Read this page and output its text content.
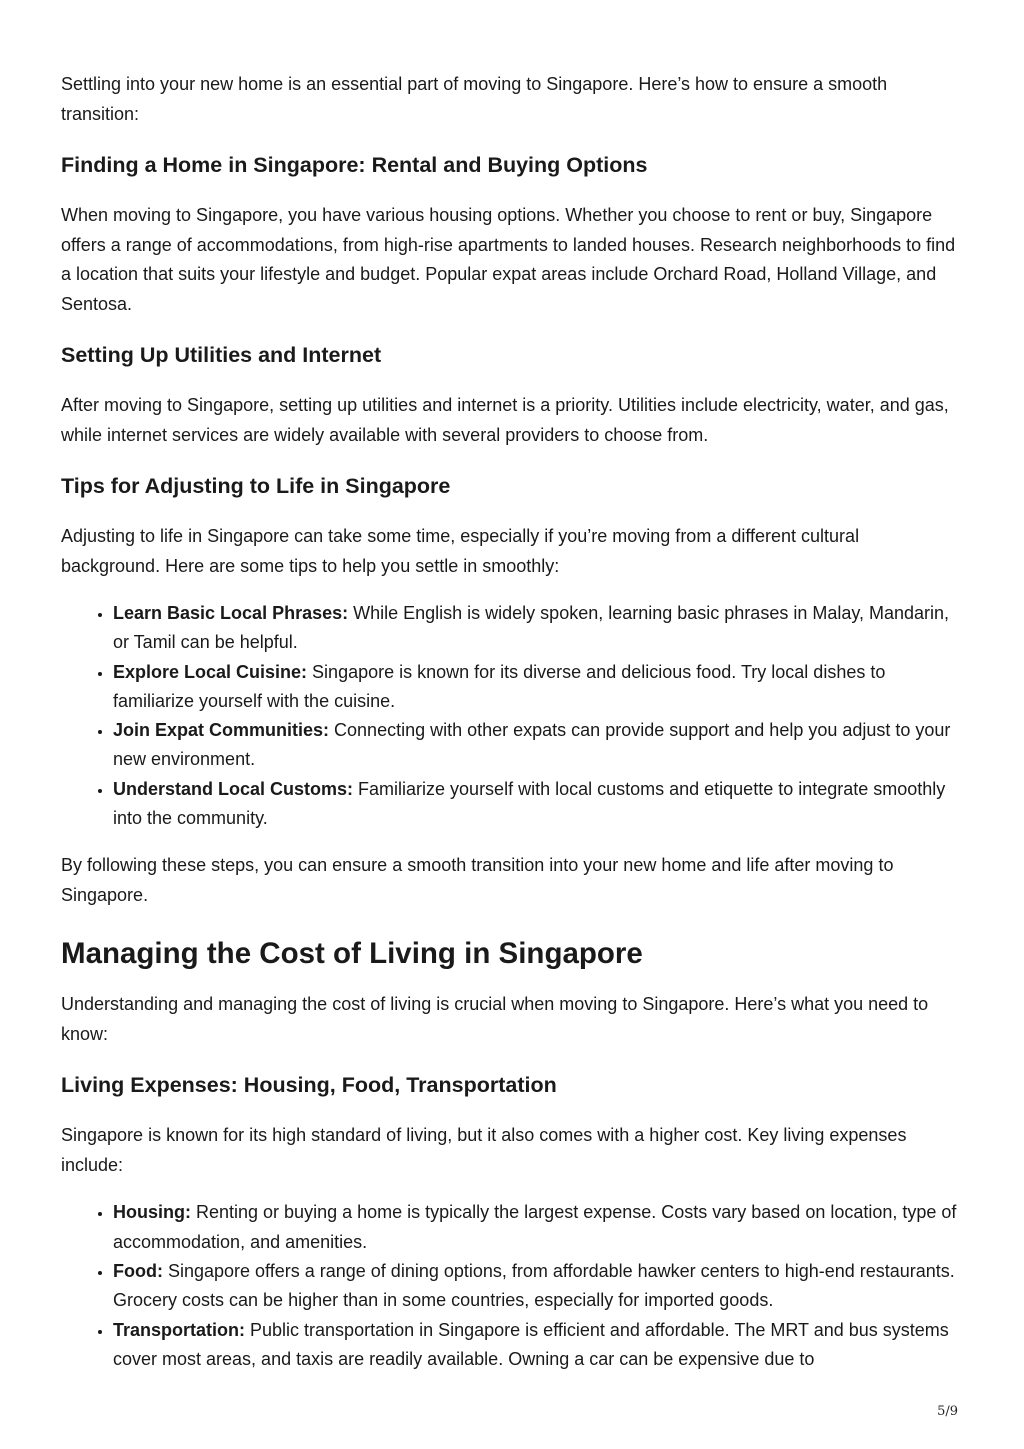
Settling into your new home is an essential part of moving to Singapore. Here’s how to ensure a smooth transition:

Finding a Home in Singapore: Rental and Buying Options

When moving to Singapore, you have various housing options. Whether you choose to rent or buy, Singapore offers a range of accommodations, from high-rise apartments to landed houses. Research neighborhoods to find a location that suits your lifestyle and budget. Popular expat areas include Orchard Road, Holland Village, and Sentosa.

Setting Up Utilities and Internet

After moving to Singapore, setting up utilities and internet is a priority. Utilities include electricity, water, and gas, while internet services are widely available with several providers to choose from.

Tips for Adjusting to Life in Singapore

Adjusting to life in Singapore can take some time, especially if you’re moving from a different cultural background. Here are some tips to help you settle in smoothly:

• Learn Basic Local Phrases: While English is widely spoken, learning basic phrases in Malay, Mandarin, or Tamil can be helpful.
• Explore Local Cuisine: Singapore is known for its diverse and delicious food. Try local dishes to familiarize yourself with the cuisine.
• Join Expat Communities: Connecting with other expats can provide support and help you adjust to your new environment.
• Understand Local Customs: Familiarize yourself with local customs and etiquette to integrate smoothly into the community.

By following these steps, you can ensure a smooth transition into your new home and life after moving to Singapore.

Managing the Cost of Living in Singapore

Understanding and managing the cost of living is crucial when moving to Singapore. Here’s what you need to know:

Living Expenses: Housing, Food, Transportation

Singapore is known for its high standard of living, but it also comes with a higher cost. Key living expenses include:

• Housing: Renting or buying a home is typically the largest expense. Costs vary based on location, type of accommodation, and amenities.
• Food: Singapore offers a range of dining options, from affordable hawker centers to high-end restaurants. Grocery costs can be higher than in some countries, especially for imported goods.
• Transportation: Public transportation in Singapore is efficient and affordable. The MRT and bus systems cover most areas, and taxis are readily available. Owning a car can be expensive due to
5/9
